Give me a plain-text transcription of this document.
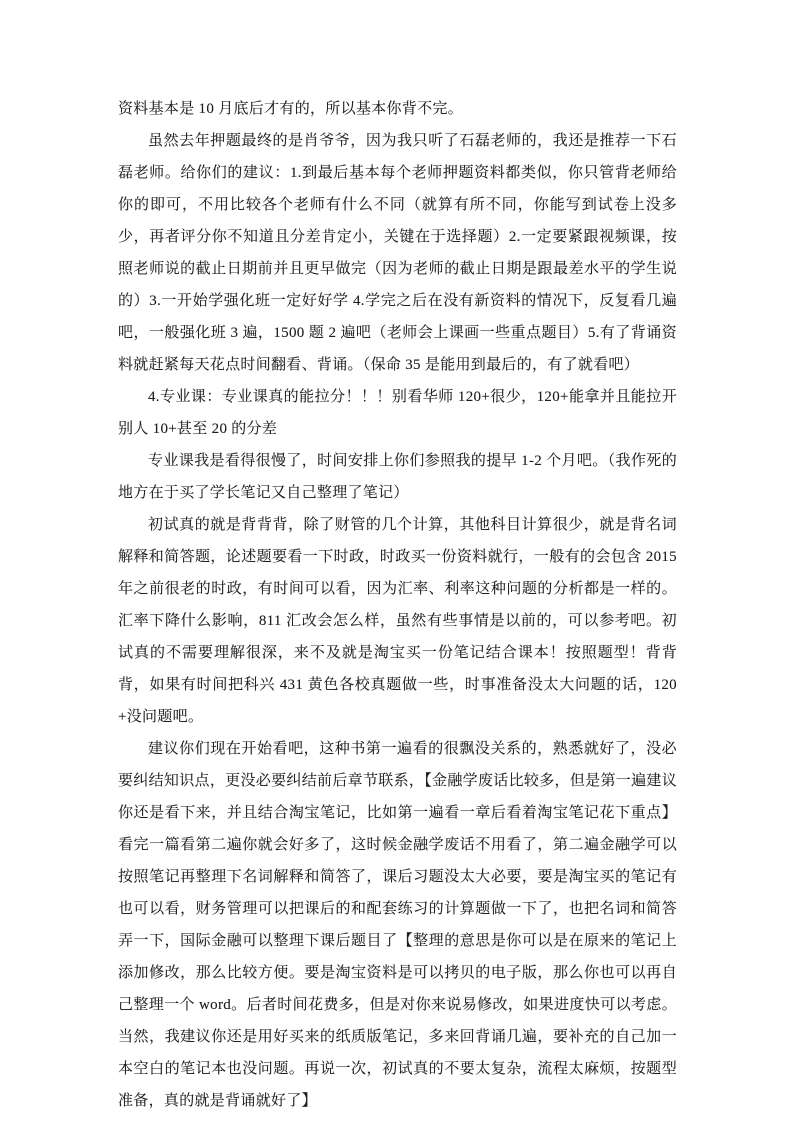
资料基本是 10 月底后才有的，所以基本你背不完。

虽然去年押题最终的是肖爷爷，因为我只听了石磊老师的，我还是推荐一下石磊老师。给你们的建议：1.到最后基本每个老师押题资料都类似，你只管背老师给你的即可，不用比较各个老师有什么不同（就算有所不同，你能写到试卷上没多少，再者评分你不知道且分差肯定小，关键在于选择题）2.一定要紧跟视频课，按照老师说的截止日期前并且更早做完（因为老师的截止日期是跟最差水平的学生说的）3.一开始学强化班一定好好学 4.学完之后在没有新资料的情况下，反复看几遍吧，一般强化班 3 遍，1500 题 2 遍吧（老师会上课画一些重点题目）5.有了背诵资料就赶紧每天花点时间翻看、背诵。（保命 35 是能用到最后的，有了就看吧）

4.专业课：专业课真的能拉分！！！别看华师 120+很少，120+能拿并且能拉开别人 10+甚至 20 的分差

专业课我是看得很慢了，时间安排上你们参照我的提早 1-2 个月吧。（我作死的地方在于买了学长笔记又自己整理了笔记）

初试真的就是背背背，除了财管的几个计算，其他科目计算很少，就是背名词解释和简答题，论述题要看一下时政，时政买一份资料就行，一般有的会包含 2015 年之前很老的时政，有时间可以看，因为汇率、利率这种问题的分析都是一样的。汇率下降什么影响，811 汇改会怎么样，虽然有些事情是以前的，可以参考吧。初试真的不需要理解很深，来不及就是淘宝买一份笔记结合课本！按照题型！背背背，如果有时间把科兴 431 黄色各校真题做一些，时事准备没太大问题的话，120+没问题吧。

建议你们现在开始看吧，这种书第一遍看的很飘没关系的，熟悉就好了，没必要纠结知识点，更没必要纠结前后章节联系，【金融学废话比较多，但是第一遍建议你还是看下来，并且结合淘宝笔记，比如第一遍看一章后看着淘宝笔记花下重点】看完一篇看第二遍你就会好多了，这时候金融学废话不用看了，第二遍金融学可以按照笔记再整理下名词解释和简答了，课后习题没太大必要，要是淘宝买的笔记有也可以看，财务管理可以把课后的和配套练习的计算题做一下了，也把名词和简答弄一下，国际金融可以整理下课后题目了【整理的意思是你可以是在原来的笔记上添加修改，那么比较方便。要是淘宝资料是可以拷贝的电子版，那么你也可以再自己整理一个 word。后者时间花费多，但是对你来说易修改，如果进度快可以考虑。当然，我建议你还是用好买来的纸质版笔记，多来回背诵几遍，要补充的自己加一本空白的笔记本也没问题。再说一次，初试真的不要太复杂，流程太麻烦，按题型准备，真的就是背诵就好了】
